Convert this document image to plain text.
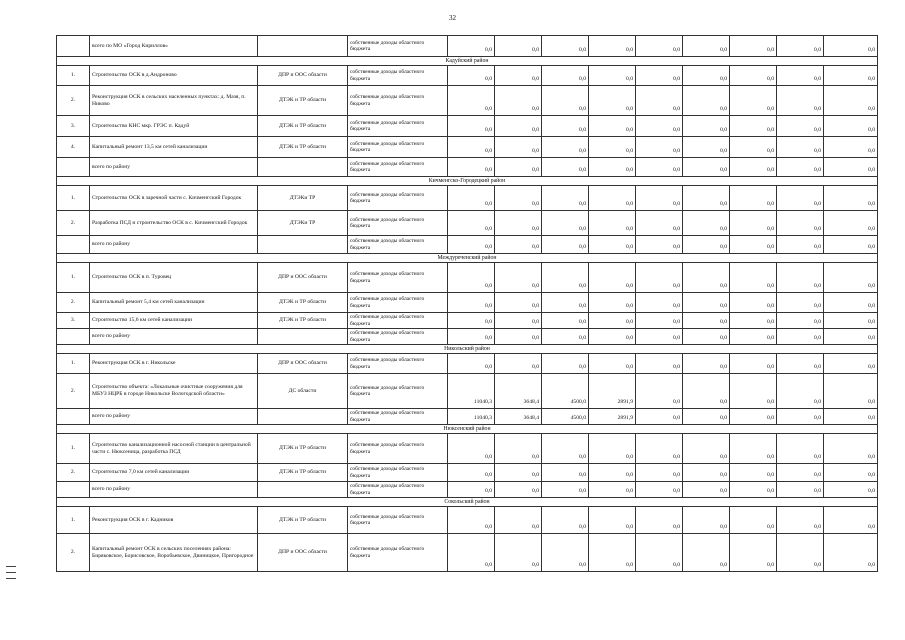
32
	всего по МО «Город Кириллов»		собственные доходы областного бюджета	0,0	0,0	0,0	0,0	0,0	0,0	0,0	0,0	0,0
Кадуйский район												
1.	Строительство ОСК в д.Андроново	ДПР и ООС области	собственные доходы областного бюджета	0,0	0,0	0,0	0,0	0,0	0,0	0,0	0,0	0,0
2.	Реконструкция ОСК в сельских населенных пунктах: д. Мазя, п. Никово	ДТЭК и ТР области	собственные доходы областного бюджета	0,0	0,0	0,0	0,0	0,0	0,0	0,0	0,0	0,0
3.	Строительство КНС мкр. ГРЭС п. Кадуй	ДТЭК и ТР области	собственные доходы областного бюджета	0,0	0,0	0,0	0,0	0,0	0,0	0,0	0,0	0,0
4.	Капитальный ремонт 13,5 км сетей канализации	ДТЭК и ТР области	собственные доходы областного бюджета	0,0	0,0	0,0	0,0	0,0	0,0	0,0	0,0	0,0
	всего по району		собственные доходы областного бюджета	0,0	0,0	0,0	0,0	0,0	0,0	0,0	0,0	0,0
Кичменгско-Городецкий район												
1.	Строительство ОСК в заречной части с. Кичменгский Городок	ДТЭКи ТР	собственные доходы областного бюджета	0,0	0,0	0,0	0,0	0,0	0,0	0,0	0,0	0,0
2.	Разработка ПСД и строительство ОСК в с. Кичменгский Городок	ДТЭКи ТР	собственные доходы областного бюджета	0,0	0,0	0,0	0,0	0,0	0,0	0,0	0,0	0,0
	всего по району		собственные доходы областного бюджета	0,0	0,0	0,0	0,0	0,0	0,0	0,0	0,0	0,0
Междуреченский район												
1.	Строительство ОСК в п. Туровец	ДПР и ООС области	собственные доходы областного бюджета	0,0	0,0	0,0	0,0	0,0	0,0	0,0	0,0	0,0
2.	Капитальный ремонт 5,4 км сетей канализации	ДТЭК и ТР области	собственные доходы областного бюджета	0,0	0,0	0,0	0,0	0,0	0,0	0,0	0,0	0,0
3.	Строительство 15,6 км сетей канализации	ДТЭК и ТР области	собственные доходы областного бюджета	0,0	0,0	0,0	0,0	0,0	0,0	0,0	0,0	0,0
	всего по району		собственные доходы областного бюджета	0,0	0,0	0,0	0,0	0,0	0,0	0,0	0,0	0,0
Никольский район												
1.	Реконструкция ОСК в г. Никольске	ДПР и ООС области	собственные доходы областного бюджета	0,0	0,0	0,0	0,0	0,0	0,0	0,0	0,0	0,0
2.	Строительство объекта: «Локальные очистные сооружения для МБУЗ НЦРБ в городе Никольске Вологодской области»	ДС области	собственные доходы областного бюджета	11040,3	3648,4	4500,0	2891,9	0,0	0,0	0,0	0,0	0,0
	всего по району		собственные доходы областного бюджета	11040,3	3648,4	4500,0	2891,9	0,0	0,0	0,0	0,0	0,0
Нюксенский район												
1.	Строительство канализационной насосной станции в центральной части с. Нюксеница, разработка ПСД	ДТЭК и ТР области	собственные доходы областного бюджета	0,0	0,0	0,0	0,0	0,0	0,0	0,0	0,0	0,0
2.	Строительство 7,0 км сетей канализации	ДТЭК и ТР области	собственные доходы областного бюджета	0,0	0,0	0,0	0,0	0,0	0,0	0,0	0,0	0,0
	всего по району		собственные доходы областного бюджета	0,0	0,0	0,0	0,0	0,0	0,0	0,0	0,0	0,0
Сокольский район												
1.	Реконструкция ОСК в г. Кадников	ДТЭК и ТР области	собственные доходы областного бюджета	0,0	0,0	0,0	0,0	0,0	0,0	0,0	0,0	0,0
2.	Капитальный ремонт ОСК в сельских поселениях района: Биряковское, Борисовское, Воробьевское, Двиницкое, Пригородное	ДПР и ООС области	собственные доходы областного бюджета	0,0	0,0	0,0	0,0	0,0	0,0	0,0	0,0	0,0
